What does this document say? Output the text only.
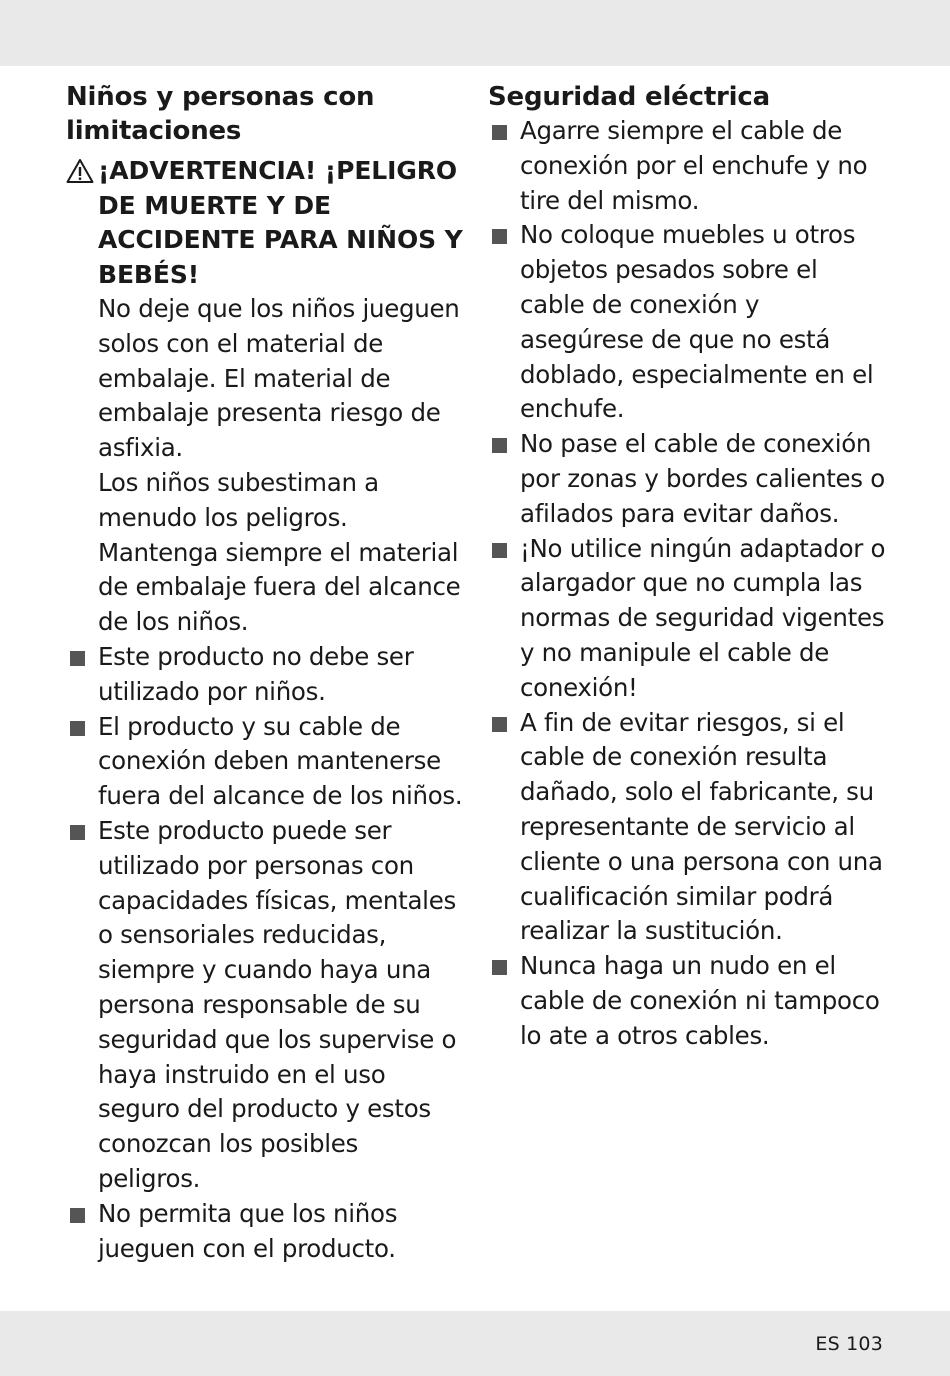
Niños y personas con limitaciones
¡ADVERTENCIA! ¡PELIGRO DE MUERTE Y DE ACCIDENTE PARA NIÑOS Y BEBÉS!
No deje que los niños jueguen solos con el material de embalaje. El material de embalaje presenta riesgo de asfixia.
Los niños subestiman a menudo los peligros. Mantenga siempre el material de embalaje fuera del alcance de los niños.
Este producto no debe ser utilizado por niños.
El producto y su cable de conexión deben mantenerse fuera del alcance de los niños.
Este producto puede ser utilizado por personas con capacidades físicas, mentales o sensoriales reducidas, siempre y cuando haya una persona responsable de su seguridad que los supervise o haya instruido en el uso seguro del producto y estos conozcan los posibles peligros.
No permita que los niños jueguen con el producto.
Seguridad eléctrica
Agarre siempre el cable de conexión por el enchufe y no tire del mismo.
No coloque muebles u otros objetos pesados sobre el cable de conexión y asegúrese de que no está doblado, especialmente en el enchufe.
No pase el cable de conexión por zonas y bordes calientes o afilados para evitar daños.
¡No utilice ningún adaptador o alargador que no cumpla las normas de seguridad vigentes y no manipule el cable de conexión!
A fin de evitar riesgos, si el cable de conexión resulta dañado, solo el fabricante, su representante de servicio al cliente o una persona con una cualificación similar podrá realizar la sustitución.
Nunca haga un nudo en el cable de conexión ni tampoco lo ate a otros cables.
ES 103
